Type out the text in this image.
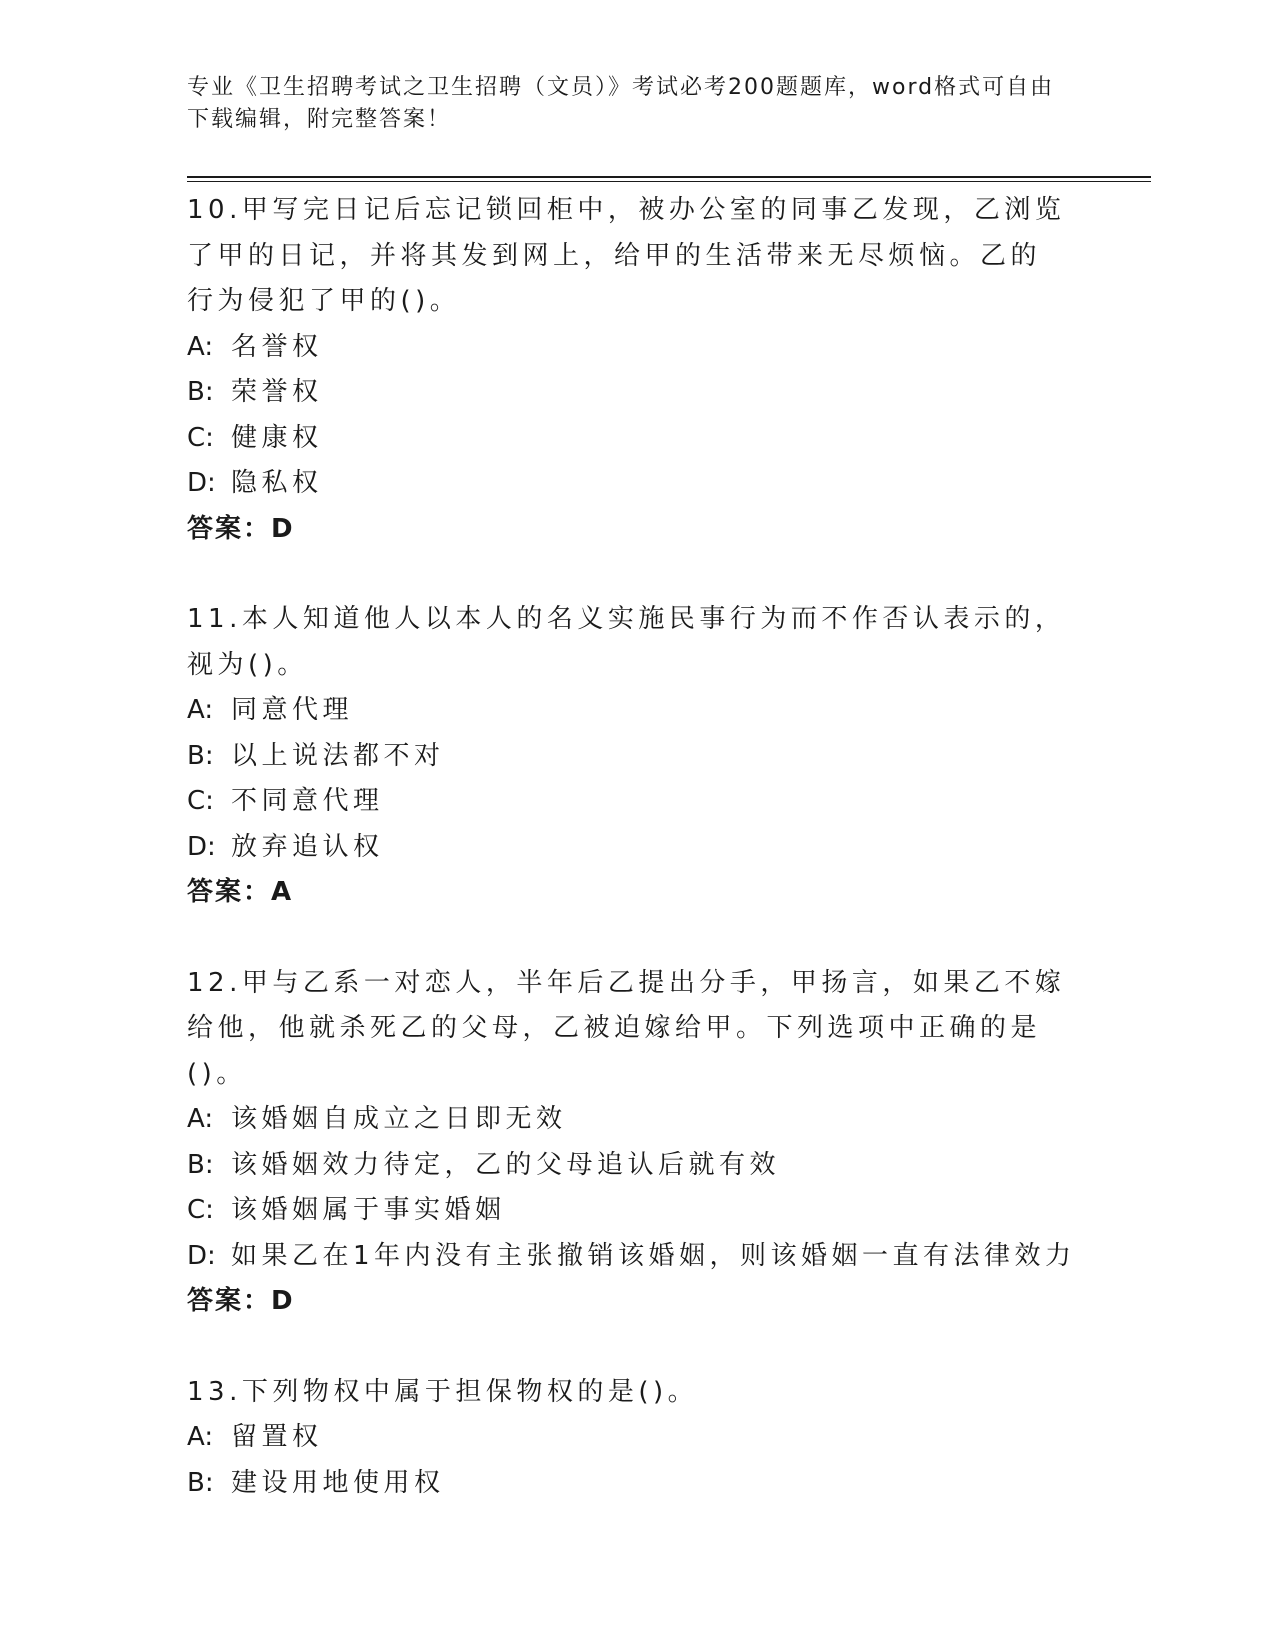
专业《卫生招聘考试之卫生招聘（文员）》考试必考200题题库，word格式可自由下载编辑，附完整答案！
10.甲写完日记后忘记锁回柜中，被办公室的同事乙发现，乙浏览了甲的日记，并将其发到网上，给甲的生活带来无尽烦恼。乙的行为侵犯了甲的()。
A: 名誉权
B: 荣誉权
C: 健康权
D: 隐私权
答案：D
11.本人知道他人以本人的名义实施民事行为而不作否认表示的，视为()。
A: 同意代理
B: 以上说法都不对
C: 不同意代理
D: 放弃追认权
答案：A
12.甲与乙系一对恋人，半年后乙提出分手，甲扬言，如果乙不嫁给他，他就杀死乙的父母，乙被迫嫁给甲。下列选项中正确的是()。
A: 该婚姻自成立之日即无效
B: 该婚姻效力待定，乙的父母追认后就有效
C: 该婚姻属于事实婚姻
D: 如果乙在1年内没有主张撤销该婚姻，则该婚姻一直有法律效力
答案：D
13.下列物权中属于担保物权的是()。
A: 留置权
B: 建设用地使用权
